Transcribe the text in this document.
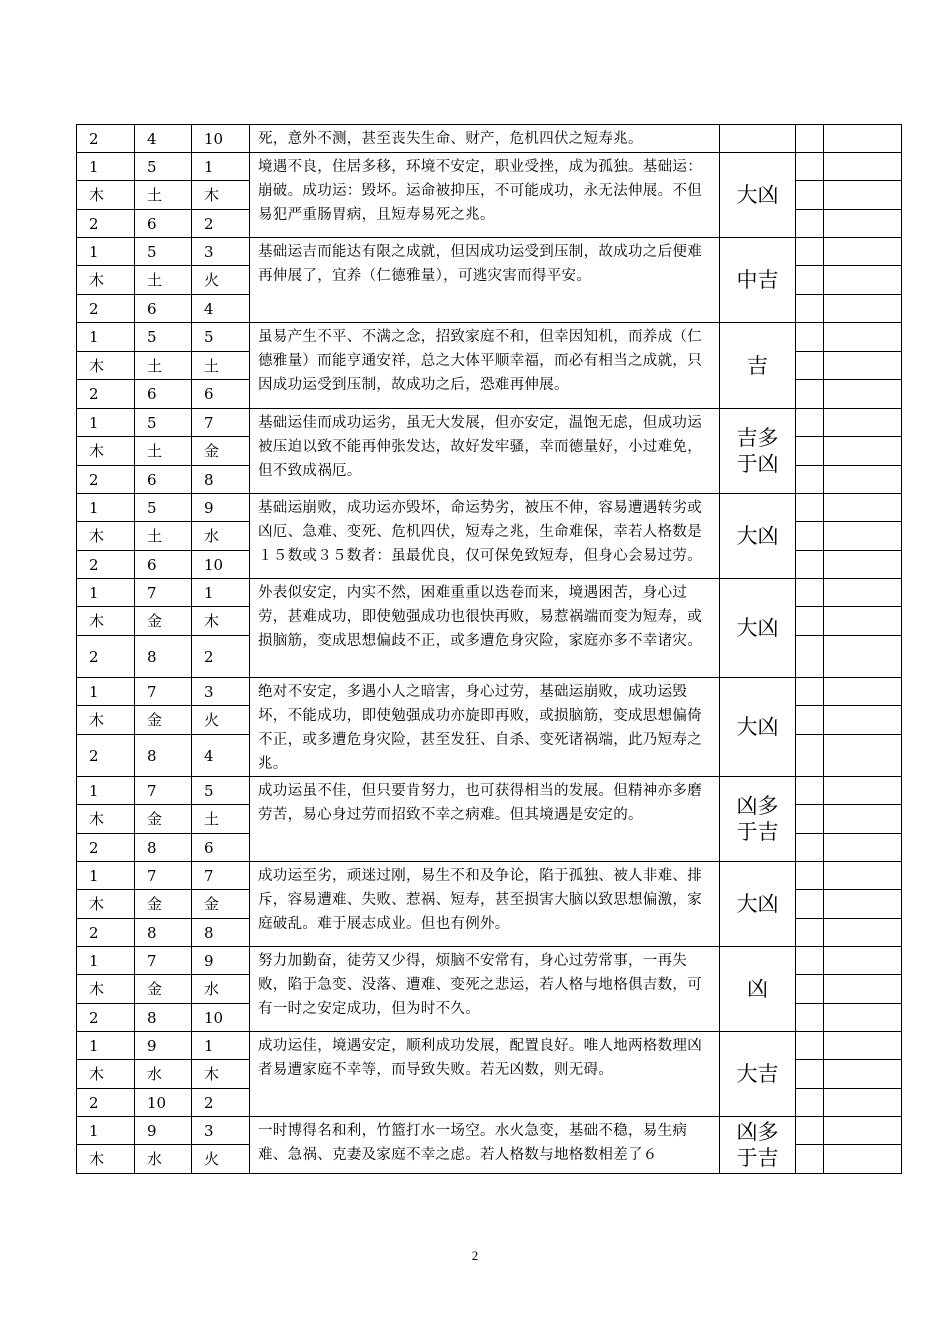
2	4	10	死，意外不测，甚至丧失生命、财产，危机四伏之短寿兆。			
1	5	1	境遇不良，住居多移，环境不安定，职业受挫，成为孤独。基础运：崩破。成功运：毁坏。运命被抑压，不可能成功，永无法伸展。不但易犯严重肠胃病，且短寿易死之兆。	大凶		
木	土	木				
2	6	2				
1	5	3	基础运吉而能达有限之成就，但因成功运受到压制，故成功之后便难再伸展了，宜养（仁德雅量），可逃灾害而得平安。	中吉		
木	土	火				
2	6	4				
1	5	5	虽易产生不平、不满之念，招致家庭不和，但幸因知机，而养成（仁德雅量）而能亨通安祥，总之大体平顺幸福，而必有相当之成就，只因成功运受到压制，故成功之后，恐难再伸展。	吉		
木	土	土				
2	6	6				
1	5	7	基础运佳而成功运劣，虽无大发展，但亦安定，温饱无虑，但成功运被压迫以致不能再伸张发达，故好发牢骚，幸而德量好，小过难免，但不致成祸厄。	吉多于凶		
木	土	金				
2	6	8				
1	5	9	基础运崩败，成功运亦毁坏，命运势劣，被压不伸，容易遭遇转劣或凶厄、急难、变死、危机四伏，短寿之兆，生命难保，幸若人格数是１５数或３５数者：虽最优良，仅可保免致短寿，但身心会易过劳。	大凶		
木	土	水				
2	6	10				
1	7	1	外表似安定，内实不然，困难重重以迭卷而来，境遇困苦，身心过劳，甚难成功，即使勉强成功也很快再败，易惹祸端而变为短寿，或损脑筋，变成思想偏歧不正，或多遭危身灾险，家庭亦多不幸诸灾。	大凶		
木	金	木				
2	8	2				
1	7	3	绝对不安定，多遇小人之暗害，身心过劳，基础运崩败，成功运毁坏，不能成功，即使勉强成功亦旋即再败，或损脑筋，变成思想偏倚不正，或多遭危身灾险，甚至发狂、自杀、变死诸祸端，此乃短寿之兆。	大凶		
木	金	火				
2	8	4				
1	7	5	成功运虽不佳，但只要肯努力，也可获得相当的发展。但精神亦多磨劳苦，易心身过劳而招致不幸之病难。但其境遇是安定的。	凶多于吉		
木	金	土				
2	8	6				
1	7	7	成功运至劣，顽迷过刚，易生不和及争论，陷于孤独、被人非难、排斥，容易遭难、失败、惹祸、短寿，甚至损害大脑以致思想偏激，家庭破乱。难于展志成业。但也有例外。	大凶		
木	金	金				
2	8	8				
1	7	9	努力加勤奋，徒劳又少得，烦脑不安常有，身心过劳常事，一再失败，陷于急变、没落、遭难、变死之悲运，若人格与地格俱吉数，可有一时之安定成功，但为时不久。	凶		
木	金	水				
2	8	10				
1	9	1	成功运佳，境遇安定，顺利成功发展，配置良好。唯人地两格数理凶者易遭家庭不幸等，而导致失败。若无凶数，则无碍。	大吉		
木	水	木				
2	10	2				
1	9	3	一时博得名和利，竹篮打水一场空。水火急变，基础不稳，易生病难、急祸、克妻及家庭不幸之虑。若人格数与地格数相差了６	凶多于吉		
木	水	火				
2
